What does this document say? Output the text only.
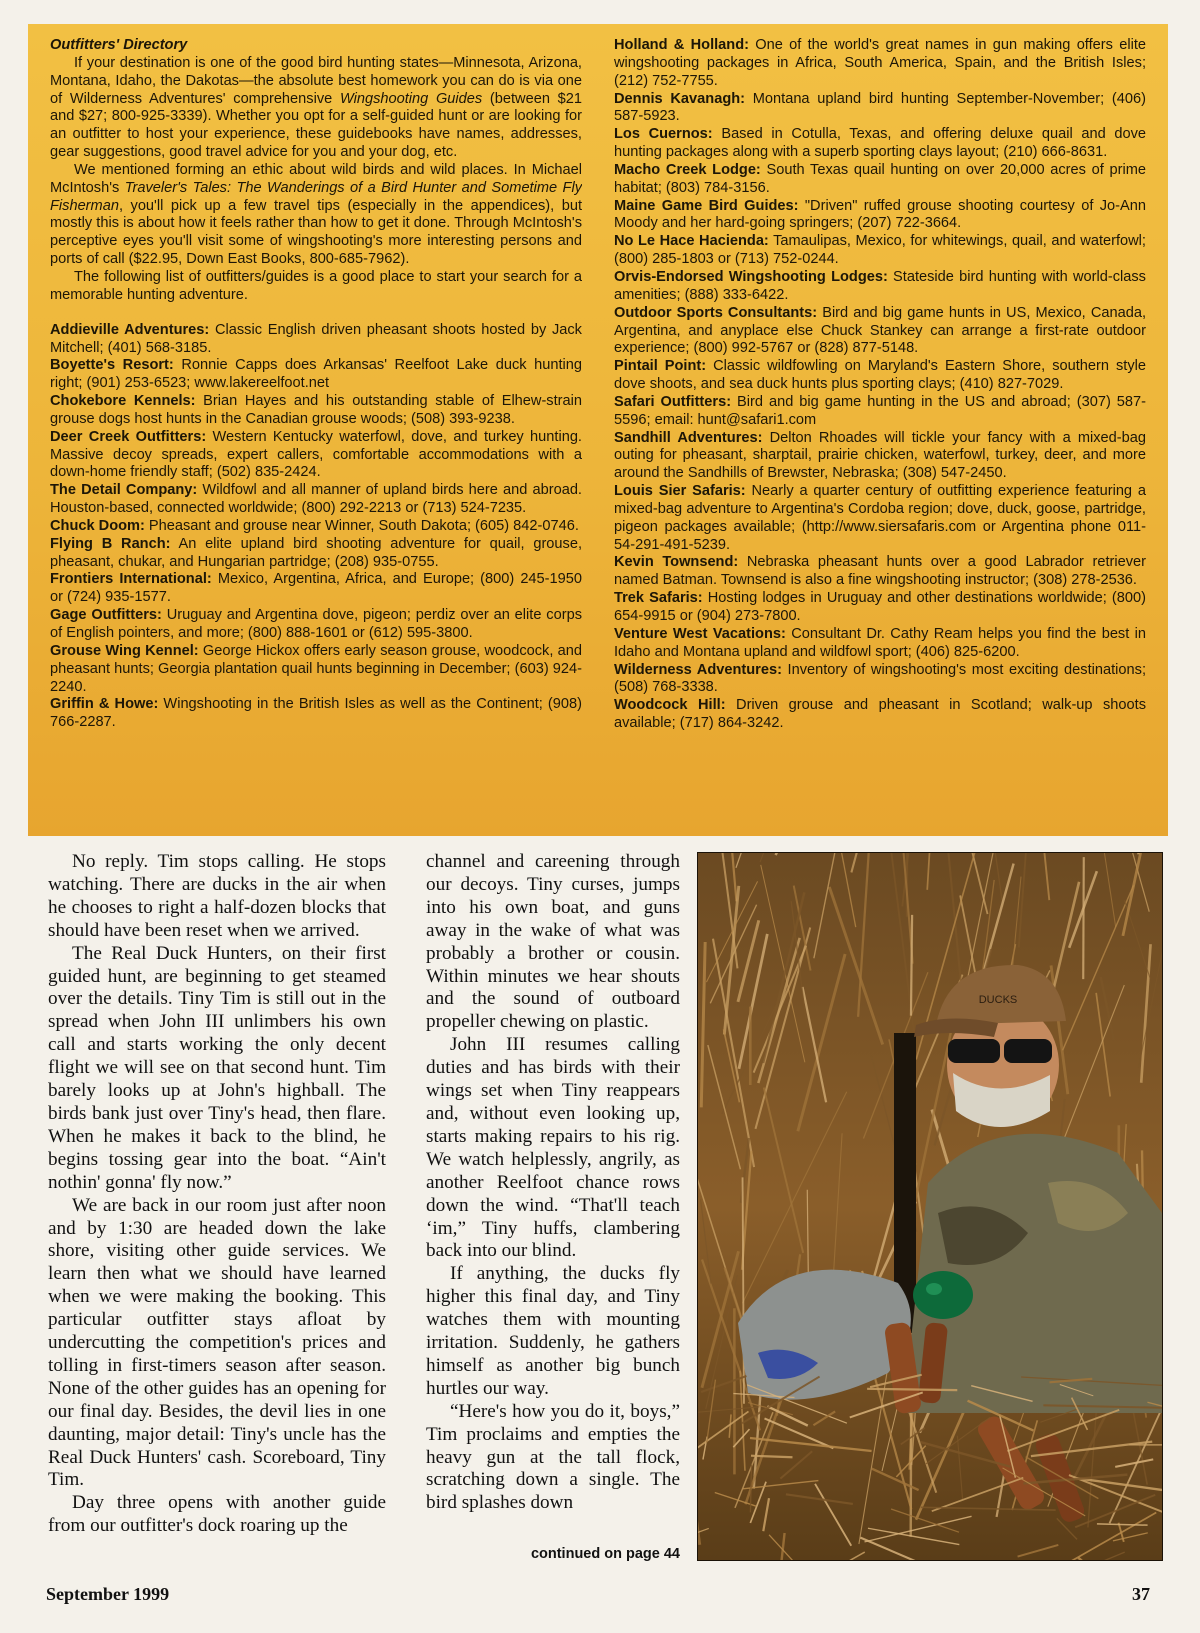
Outfitters' Directory

If your destination is one of the good bird hunting states—Minnesota, Arizona, Montana, Idaho, the Dakotas—the absolute best homework you can do is via one of Wilderness Adventures' comprehensive Wingshooting Guides (between $21 and $27; 800-925-3339). Whether you opt for a self-guided hunt or are looking for an outfitter to host your experience, these guidebooks have names, addresses, gear suggestions, good travel advice for you and your dog, etc.

We mentioned forming an ethic about wild birds and wild places. In Michael McIntosh's Traveler's Tales: The Wanderings of a Bird Hunter and Sometime Fly Fisherman, you'll pick up a few travel tips (especially in the appendices), but mostly this is about how it feels rather than how to get it done. Through McIntosh's perceptive eyes you'll visit some of wingshooting's more interesting persons and ports of call ($22.95, Down East Books, 800-685-7962).

The following list of outfitters/guides is a good place to start your search for a memorable hunting adventure.

Addieville Adventures: Classic English driven pheasant shoots hosted by Jack Mitchell; (401) 568-3185.

Boyette's Resort: Ronnie Capps does Arkansas' Reelfoot Lake duck hunting right; (901) 253-6523; www.lakereelfoot.net

Chokebore Kennels: Brian Hayes and his outstanding stable of Elhew-strain grouse dogs host hunts in the Canadian grouse woods; (508) 393-9238.

Deer Creek Outfitters: Western Kentucky waterfowl, dove, and turkey hunting. Massive decoy spreads, expert callers, comfortable accommodations with a down-home friendly staff; (502) 835-2424.

The Detail Company: Wildfowl and all manner of upland birds here and abroad. Houston-based, connected worldwide; (800) 292-2213 or (713) 524-7235.

Chuck Doom: Pheasant and grouse near Winner, South Dakota; (605) 842-0746.

Flying B Ranch: An elite upland bird shooting adventure for quail, grouse, pheasant, chukar, and Hungarian partridge; (208) 935-0755.

Frontiers International: Mexico, Argentina, Africa, and Europe; (800) 245-1950 or (724) 935-1577.

Gage Outfitters: Uruguay and Argentina dove, pigeon; perdiz over an elite corps of English pointers, and more; (800) 888-1601 or (612) 595-3800.

Grouse Wing Kennel: George Hickox offers early season grouse, woodcock, and pheasant hunts; Georgia plantation quail hunts beginning in December; (603) 924-2240.

Griffin & Howe: Wingshooting in the British Isles as well as the Continent; (908) 766-2287.

Holland & Holland: One of the world's great names in gun making offers elite wingshooting packages in Africa, South America, Spain, and the British Isles; (212) 752-7755.

Dennis Kavanagh: Montana upland bird hunting September-November; (406) 587-5923.

Los Cuernos: Based in Cotulla, Texas, and offering deluxe quail and dove hunting packages along with a superb sporting clays layout; (210) 666-8631.

Macho Creek Lodge: South Texas quail hunting on over 20,000 acres of prime habitat; (803) 784-3156.

Maine Game Bird Guides: "Driven" ruffed grouse shooting courtesy of Jo-Ann Moody and her hard-going springers; (207) 722-3664.

No Le Hace Hacienda: Tamaulipas, Mexico, for whitewings, quail, and waterfowl; (800) 285-1803 or (713) 752-0244.

Orvis-Endorsed Wingshooting Lodges: Stateside bird hunting with world-class amenities; (888) 333-6422.

Outdoor Sports Consultants: Bird and big game hunts in US, Mexico, Canada, Argentina, and anyplace else Chuck Stankey can arrange a first-rate outdoor experience; (800) 992-5767 or (828) 877-5148.

Pintail Point: Classic wildfowling on Maryland's Eastern Shore, southern style dove shoots, and sea duck hunts plus sporting clays; (410) 827-7029.

Safari Outfitters: Bird and big game hunting in the US and abroad; (307) 587-5596; email: hunt@safari1.com

Sandhill Adventures: Delton Rhoades will tickle your fancy with a mixed-bag outing for pheasant, sharptail, prairie chicken, waterfowl, turkey, deer, and more around the Sandhills of Brewster, Nebraska; (308) 547-2450.

Louis Sier Safaris: Nearly a quarter century of outfitting experience featuring a mixed-bag adventure to Argentina's Cordoba region; dove, duck, goose, partridge, pigeon packages available; (http://www.siersafaris.com or Argentina phone 011-54-291-491-5239.

Kevin Townsend: Nebraska pheasant hunts over a good Labrador retriever named Batman. Townsend is also a fine wingshooting instructor; (308) 278-2536.

Trek Safaris: Hosting lodges in Uruguay and other destinations worldwide; (800) 654-9915 or (904) 273-7800.

Venture West Vacations: Consultant Dr. Cathy Ream helps you find the best in Idaho and Montana upland and wildfowl sport; (406) 825-6200.

Wilderness Adventures: Inventory of wingshooting's most exciting destinations; (508) 768-3338.

Woodcock Hill: Driven grouse and pheasant in Scotland; walk-up shoots available; (717) 864-3242.

No reply. Tim stops calling. He stops watching. There are ducks in the air when he chooses to right a half-dozen blocks that should have been reset when we arrived.

The Real Duck Hunters, on their first guided hunt, are beginning to get steamed over the details. Tiny Tim is still out in the spread when John III unlimbers his own call and starts working the only decent flight we will see on that second hunt. Tim barely looks up at John's highball. The birds bank just over Tiny's head, then flare. When he makes it back to the blind, he begins tossing gear into the boat. “Ain't nothin' gonna' fly now.”

We are back in our room just after noon and by 1:30 are headed down the lake shore, visiting other guide services. We learn then what we should have learned when we were making the booking. This particular outfitter stays afloat by undercutting the competition's prices and tolling in first-timers season after season. None of the other guides has an opening for our final day. Besides, the devil lies in one daunting, major detail: Tiny's uncle has the Real Duck Hunters' cash. Scoreboard, Tiny Tim.

Day three opens with another guide from our outfitter's dock roaring up the

channel and careening through our decoys. Tiny curses, jumps into his own boat, and guns away in the wake of what was probably a brother or cousin. Within minutes we hear shouts and the sound of outboard propeller chewing on plastic.

John III resumes calling duties and has birds with their wings set when Tiny reappears and, without even looking up, starts making repairs to his rig. We watch helplessly, angrily, as another Reelfoot chance rows down the wind. “That'll teach ‘im,” Tiny huffs, clambering back into our blind.

If anything, the ducks fly higher this final day, and Tiny watches them with mounting irritation. Suddenly, he gathers himself as another big bunch hurtles our way.

“Here's how you do it, boys,” Tim proclaims and empties the heavy gun at the tall flock, scratching down a single. The bird splashes down

continued on page 44
DUCKS
September 1999	37
